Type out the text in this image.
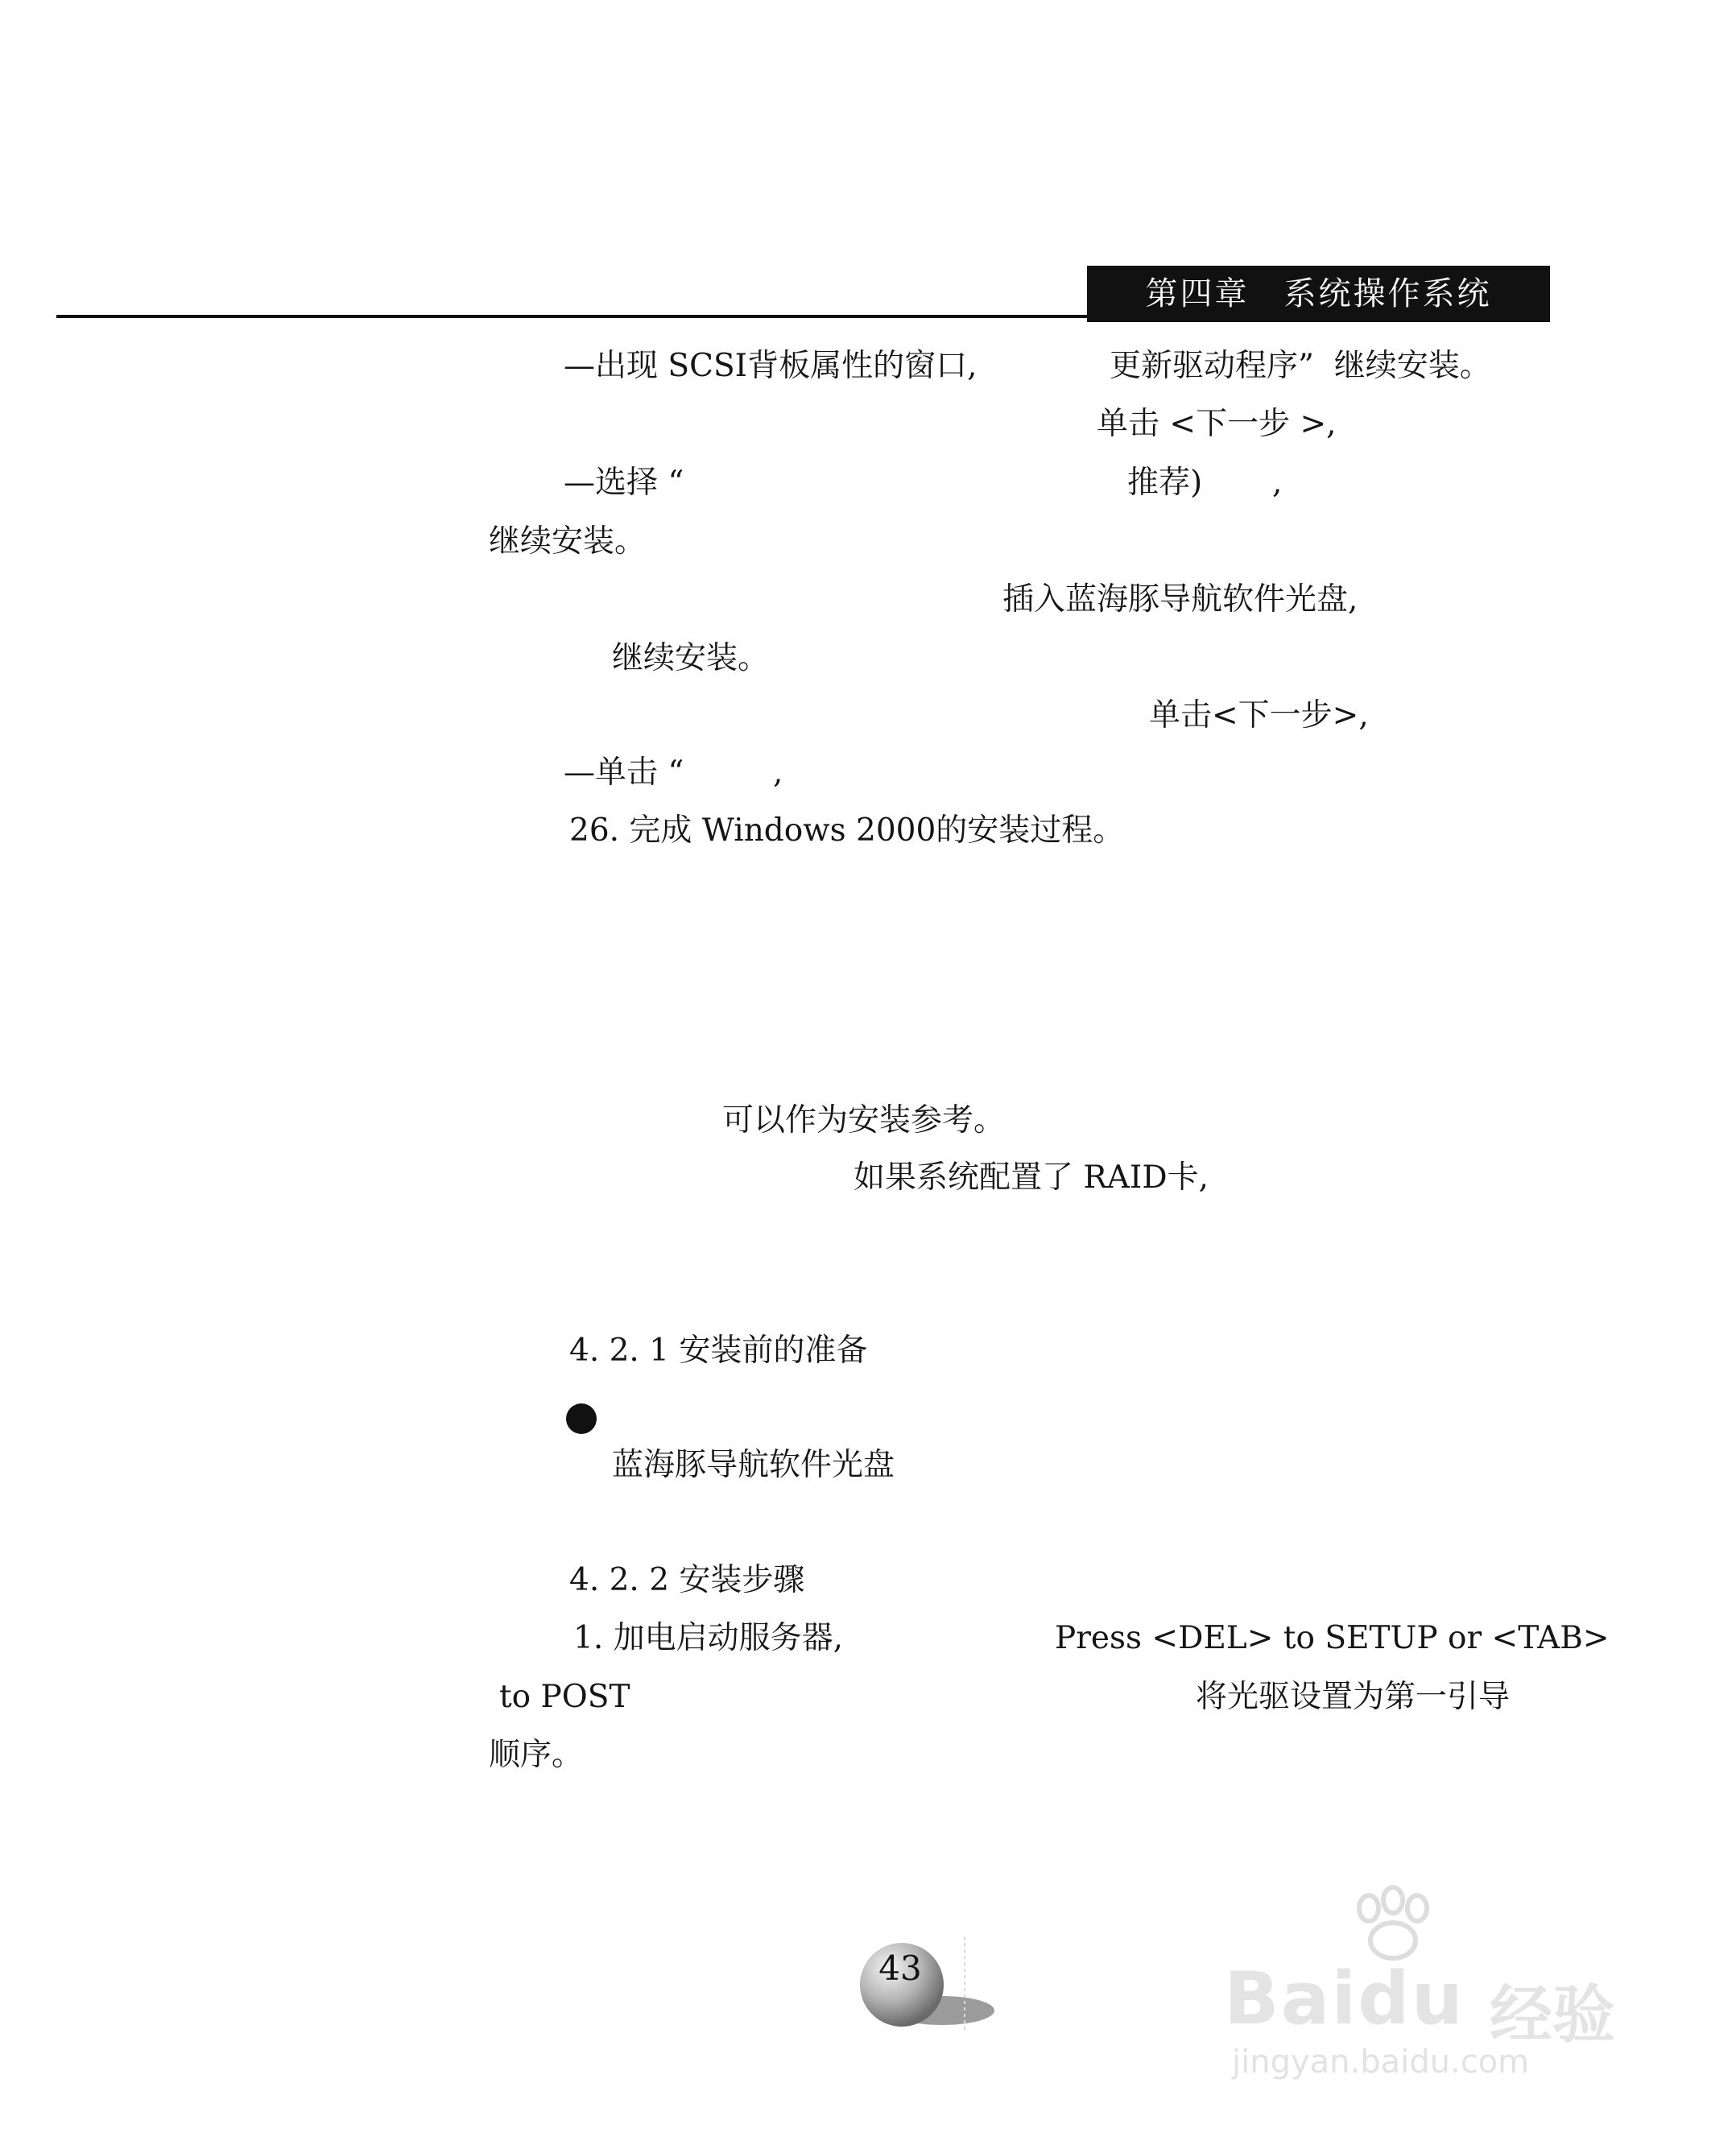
第四章　系统操作系统
—出现 SCSI背板属性的窗口,	更新驱动程序”  继续安装。
单击 <下一步 >,
—选择 “	推荐) ,
继续安装。
插入蓝海豚导航软件光盘,
继续安装。
单击<下一步>,
—单击 “	,
26. 完成 Windows 2000的安装过程。
可以作为安装参考。
如果系统配置了 RAID卡,
4. 2. 1 安装前的准备
蓝海豚导航软件光盘
4. 2. 2 安装步骤
1. 加电启动服务器,	Press <DEL> to SETUP or <TAB>
to POST	将光驱设置为第一引导
顺序。
43	Baidu 经验
jingyan.baidu.com
